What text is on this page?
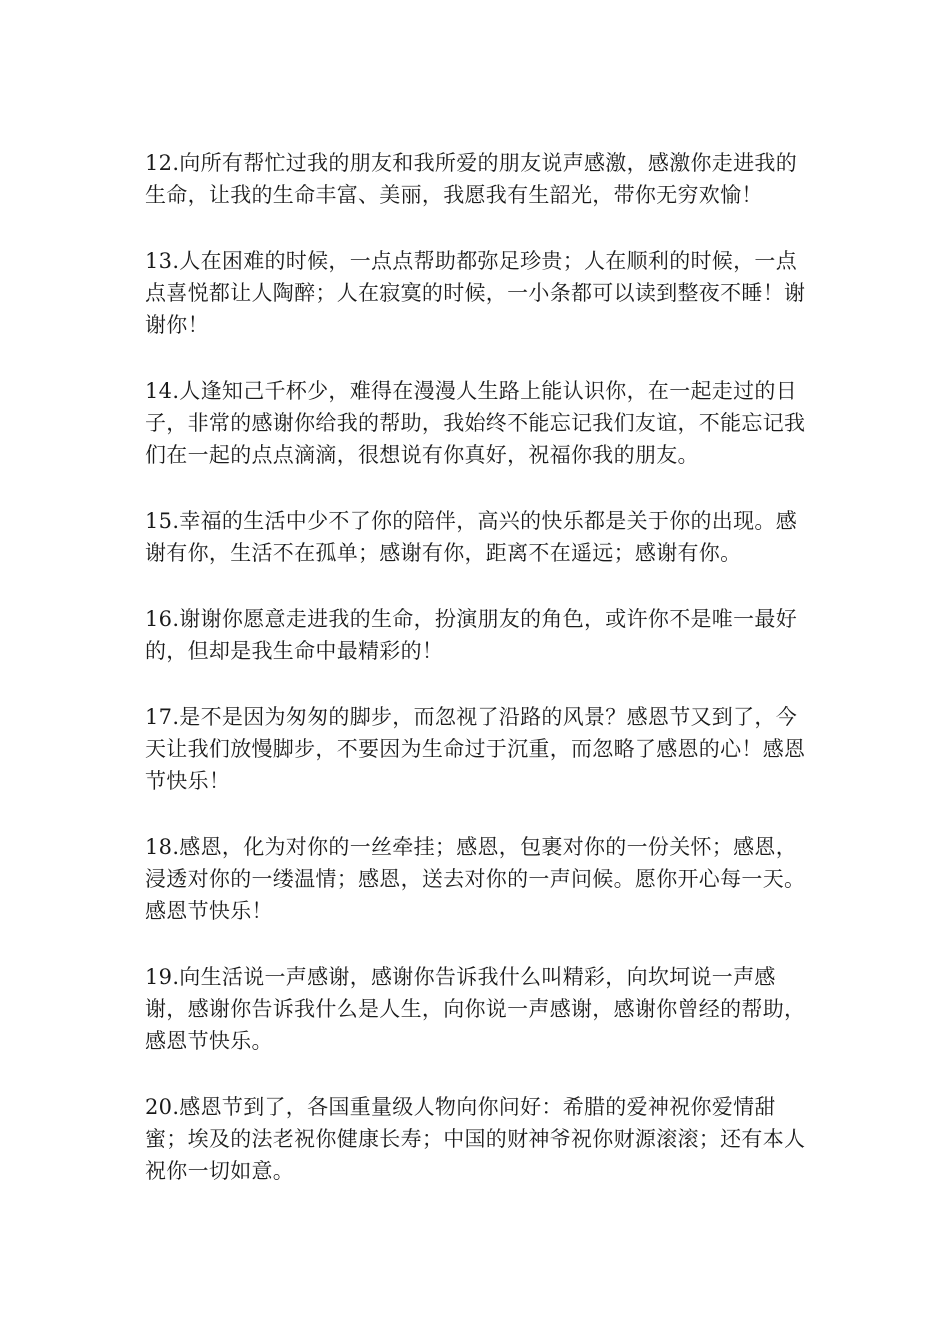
12.向所有帮忙过我的朋友和我所爱的朋友说声感激，感激你走进我的生命，让我的生命丰富、美丽，我愿我有生韶光，带你无穷欢愉！

13.人在困难的时候，一点点帮助都弥足珍贵；人在顺利的时候，一点点喜悦都让人陶醉；人在寂寞的时候，一小条都可以读到整夜不睡！谢谢你！

14.人逢知己千杯少，难得在漫漫人生路上能认识你，在一起走过的日子，非常的感谢你给我的帮助，我始终不能忘记我们友谊，不能忘记我们在一起的点点滴滴，很想说有你真好，祝福你我的朋友。

15.幸福的生活中少不了你的陪伴，高兴的快乐都是关于你的出现。感谢有你，生活不在孤单；感谢有你，距离不在遥远；感谢有你。

16.谢谢你愿意走进我的生命，扮演朋友的角色，或许你不是唯一最好的，但却是我生命中最精彩的！

17.是不是因为匆匆的脚步，而忽视了沿路的风景？感恩节又到了，今天让我们放慢脚步，不要因为生命过于沉重，而忽略了感恩的心！感恩节快乐！

18.感恩，化为对你的一丝牵挂；感恩，包裹对你的一份关怀；感恩，浸透对你的一缕温情；感恩，送去对你的一声问候。愿你开心每一天。感恩节快乐！

19.向生活说一声感谢，感谢你告诉我什么叫精彩，向坎坷说一声感谢，感谢你告诉我什么是人生，向你说一声感谢，感谢你曾经的帮助，感恩节快乐。

20.感恩节到了，各国重量级人物向你问好：希腊的爱神祝你爱情甜蜜；埃及的法老祝你健康长寿；中国的财神爷祝你财源滚滚；还有本人祝你一切如意。
